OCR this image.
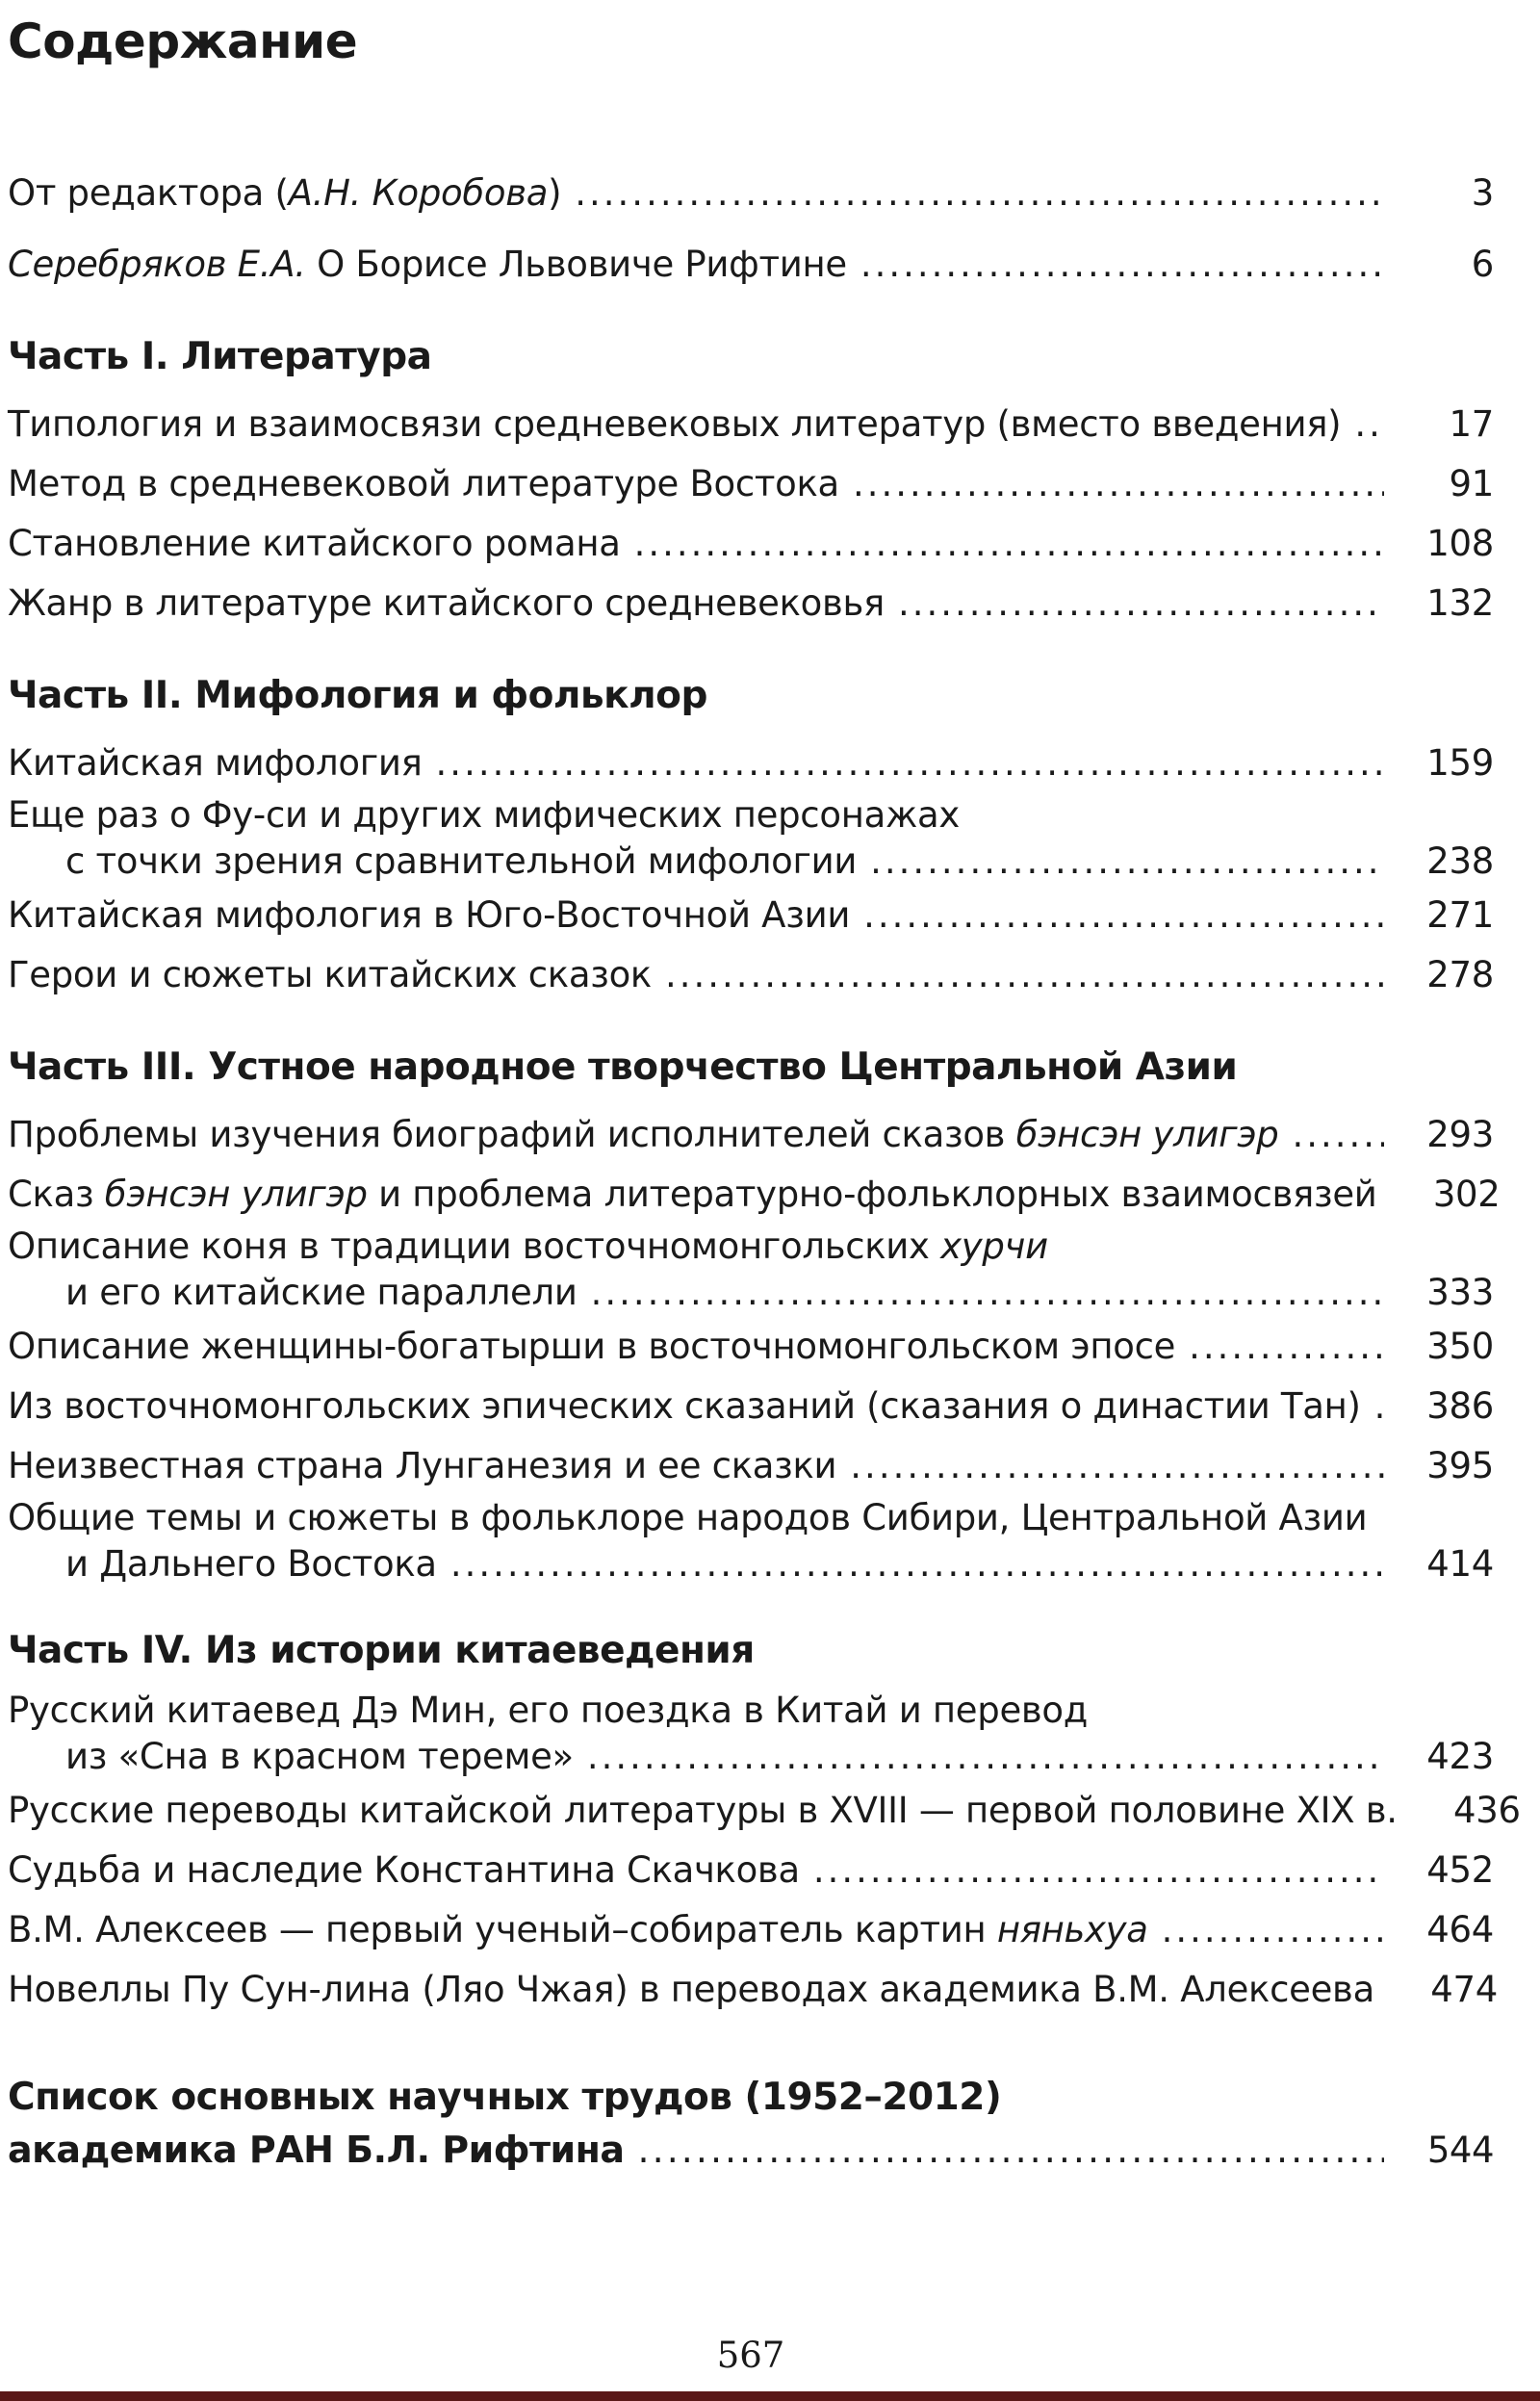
Содержание
От редактора (А.Н. Коробова) .....	3
Серебряков Е.А. О Борисе Львовиче Рифтине .....	6
Часть I. Литература
Типология и взаимосвязи средневековых литератур (вместо введения) .....	17
Метод в средневековой литературе Востока .....	91
Становление китайского романа .....	108
Жанр в литературе китайского средневековья .....	132
Часть II. Мифология и фольклор
Китайская мифология .....	159
Еще раз о Фу-си и других мифических персонажах
с точки зрения сравнительной мифологии .....	238
Китайская мифология в Юго-Восточной Азии .....	271
Герои и сюжеты китайских сказок .....	278
Часть III. Устное народное творчество Центральной Азии
Проблемы изучения биографий исполнителей сказов бэнсэн улигэр .....	293
Сказ бэнсэн улигэр и проблема литературно-фольклорных взаимосвязей	302
Описание коня в традиции восточномонгольских хурчи
и его китайские параллели .....	333
Описание женщины-богатырши в восточномонгольском эпосе .....	350
Из восточномонгольских эпических сказаний (сказания о династии Тан) .....	386
Неизвестная страна Лунганезия и ее сказки .....	395
Общие темы и сюжеты в фольклоре народов Сибири, Центральной Азии
и Дальнего Востока .....	414
Часть IV. Из истории китаеведения
Русский китаевед Дэ Мин, его поездка в Китай и перевод
из «Сна в красном тереме» .....	423
Русские переводы китайской литературы в XVIII — первой половине XIX в.	436
Судьба и наследие Константина Скачкова .....	452
В.М. Алексеев — первый ученый–собиратель картин няньхуа .....	464
Новеллы Пу Сун-лина (Ляо Чжая) в переводах академика В.М. Алексеева	474
Список основных научных трудов (1952–2012)
академика РАН Б.Л. Рифтина .....	544
567
